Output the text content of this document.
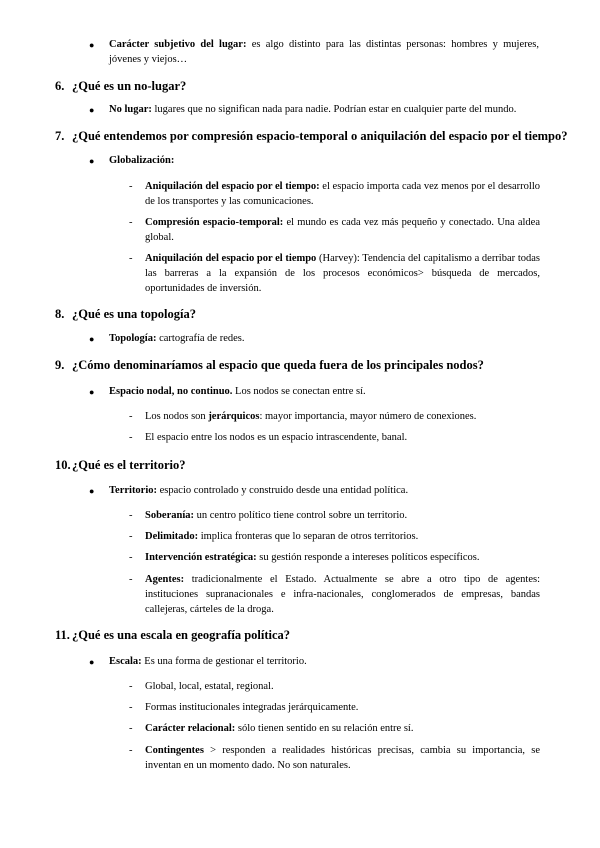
● Carácter subjetivo del lugar: es algo distinto para las distintas personas: hombres y mujeres, jóvenes y viejos…
6. ¿Qué es un no-lugar?
● No lugar: lugares que no significan nada para nadie. Podrían estar en cualquier parte del mundo.
7. ¿Qué entendemos por compresión espacio-temporal o aniquilación del espacio por el tiempo?
● Globalización:
- Aniquilación del espacio por el tiempo: el espacio importa cada vez menos por el desarrollo de los transportes y las comunicaciones.
- Compresión espacio-temporal: el mundo es cada vez más pequeño y conectado. Una aldea global.
- Aniquilación del espacio por el tiempo (Harvey): Tendencia del capitalismo a derribar todas las barreras a la expansión de los procesos económicos> búsqueda de mercados, oportunidades de inversión.
8. ¿Qué es una topología?
● Topología: cartografía de redes.
9. ¿Cómo denominaríamos al espacio que queda fuera de los principales nodos?
● Espacio nodal, no continuo. Los nodos se conectan entre sí.
- Los nodos son jerárquicos: mayor importancia, mayor número de conexiones.
- El espacio entre los nodos es un espacio intrascendente, banal.
10.¿Qué es el territorio?
● Territorio: espacio controlado y construido desde una entidad política.
- Soberanía: un centro político tiene control sobre un territorio.
- Delimitado: implica fronteras que lo separan de otros territorios.
- Intervención estratégica: su gestión responde a intereses políticos específicos.
- Agentes: tradicionalmente el Estado. Actualmente se abre a otro tipo de agentes: instituciones supranacionales e infra-nacionales, conglomerados de empresas, bandas callejeras, cárteles de la droga.
11. ¿Qué es una escala en geografía política?
● Escala: Es una forma de gestionar el territorio.
- Global, local, estatal, regional.
- Formas institucionales integradas jerárquicamente.
- Carácter relacional: sólo tienen sentido en su relación entre sí.
- Contingentes > responden a realidades históricas precisas, cambia su importancia, se inventan en un momento dado. No son naturales.
